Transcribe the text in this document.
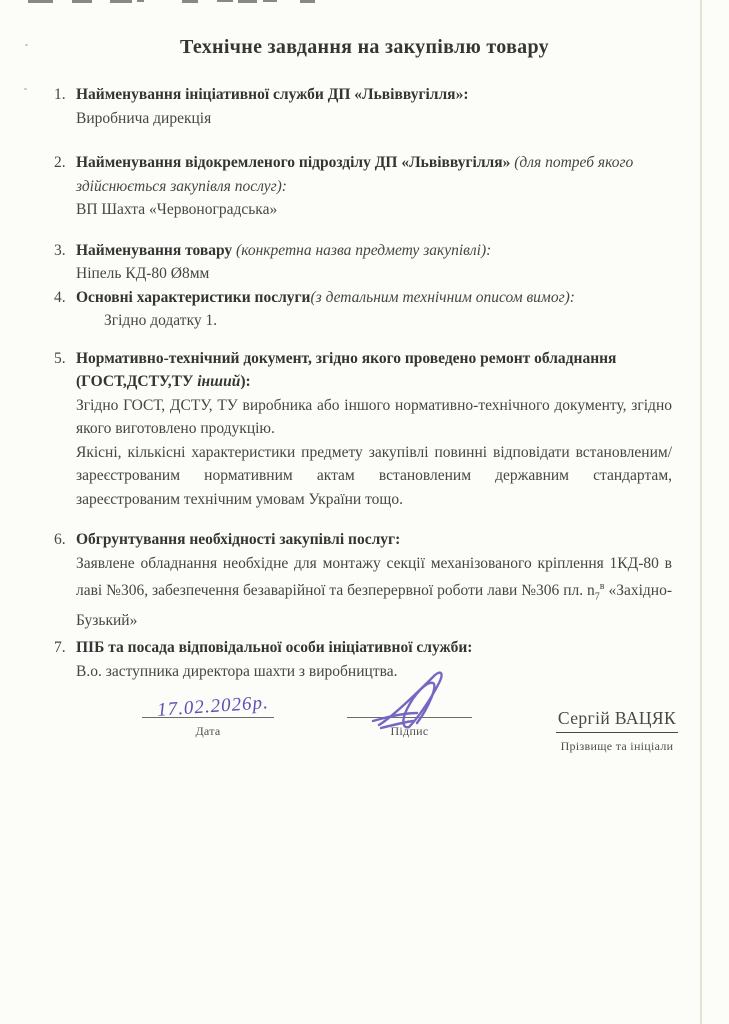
Технічне завдання на закупівлю товару
1. Найменування ініціативної служби ДП «Львіввугілля»:
Виробнича дирекція
2. Найменування відокремленого підрозділу ДП «Львіввугілля» (для потреб якого здійснюється закупівля послуг):
ВП Шахта «Червоноградська»
3. Найменування товару (конкретна назва предмету закупівлі):
Ніпель КД-80 Ø8мм
4. Основні характеристики послуги(з детальним технічним описом вимог):
Згідно додатку 1.
5. Нормативно-технічний документ, згідно якого проведено ремонт обладнання (ГОСТ,ДСТУ,ТУ інший):
Згідно ГОСТ, ДСТУ, ТУ виробника або іншого нормативно-технічного документу, згідно якого виготовлено продукцію.
Якісні, кількісні характеристики предмету закупівлі повинні відповідати встановленим/зареєстрованим нормативним актам встановленим державним стандартам, зареєстрованим технічним умовам України тощо.
6. Обгрунтування необхідності закупівлі послуг:
Заявлене обладнання необхідне для монтажу секції механізованого кріплення 1КД-80 в лаві №306, забезпечення безаварійної та безперервної роботи лави №306 пл. $n_7^в$ «Західно-Бузький»
7. ПІБ та посада відповідальної особи ініціативної служби:
В.о. заступника директора шахти з виробництва.
17.02.2026р.
Дата	Підпис
Сергій ВАЦЯК
Прізвище та ініціали
